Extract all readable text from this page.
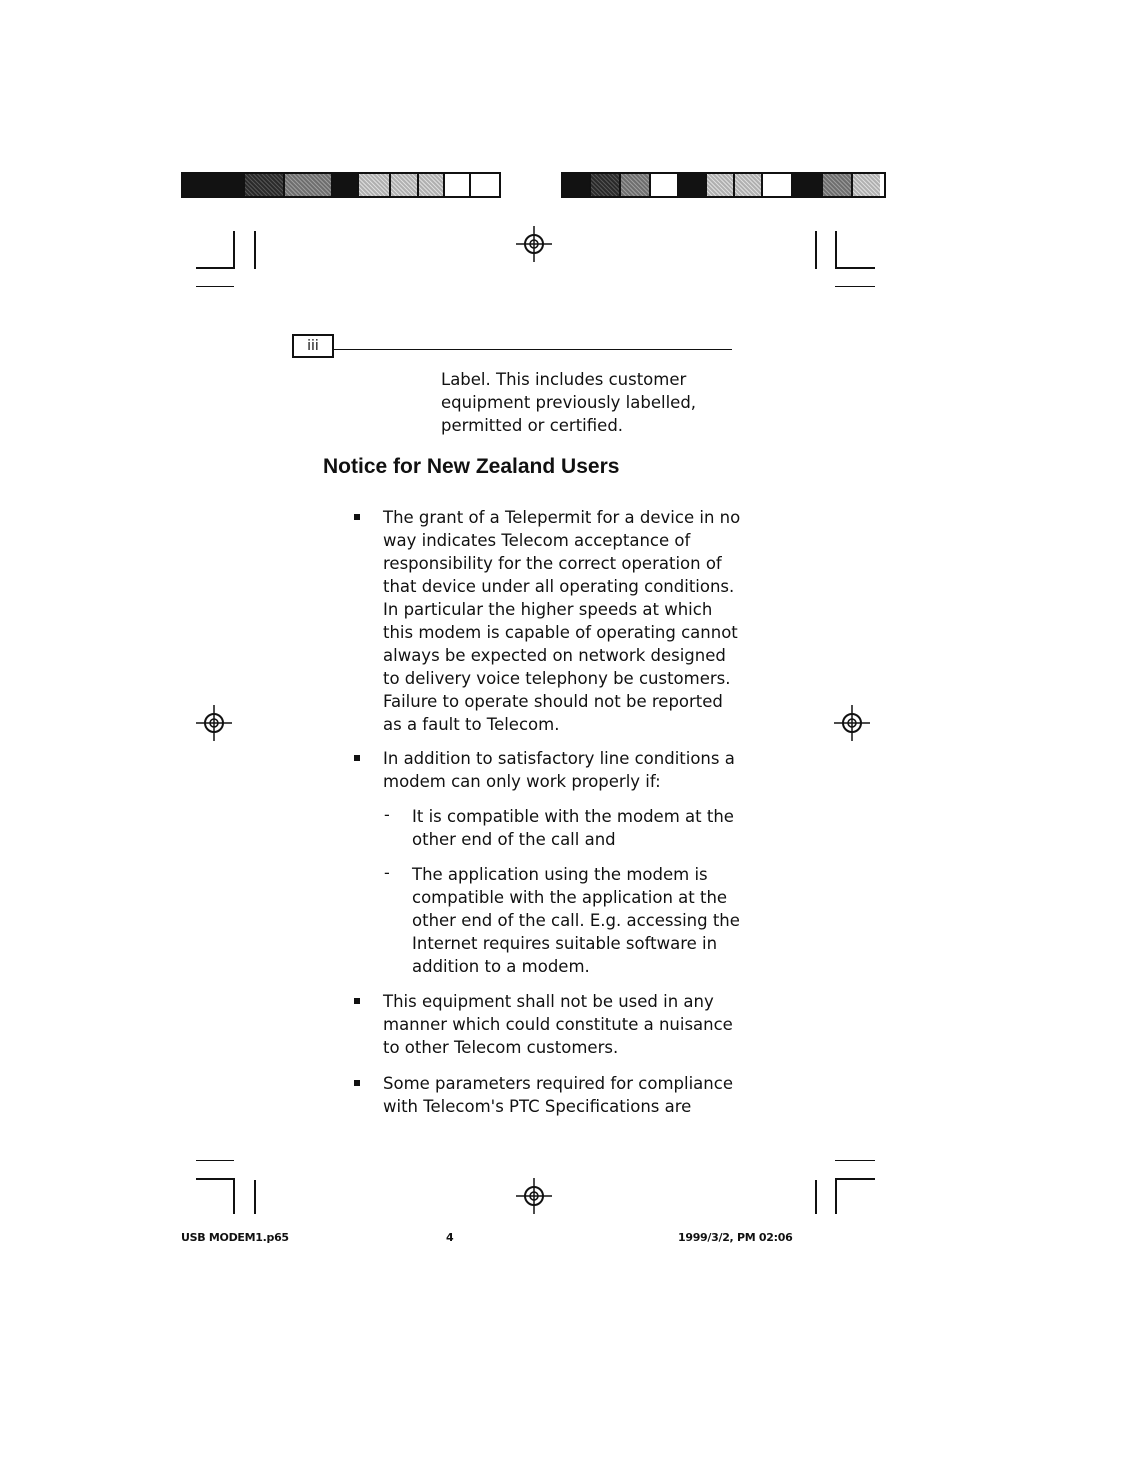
iii
Label. This includes customer
equipment previously labelled,
permitted or certified.
Notice for New Zealand Users
The grant of a Telepermit for a device in no
way indicates Telecom acceptance of
responsibility for the correct operation of
that device under all operating conditions.
In particular the higher speeds at which
this modem is capable of operating cannot
always be expected on network designed
to delivery voice telephony be customers.
Failure to operate should not be reported
as a fault to Telecom.
In addition to satisfactory line conditions a
modem can only work properly if:
- It is compatible with the modem at the
other end of the call and
- The application using the modem is
compatible with the application at the
other end of the call. E.g. accessing the
Internet requires suitable software in
addition to a modem.
This equipment shall not be used in any
manner which could constitute a nuisance
to other Telecom customers.
Some parameters required for compliance
with Telecom's PTC Specifications are
USB MODEM1.p65	4	1999/3/2, PM 02:06
